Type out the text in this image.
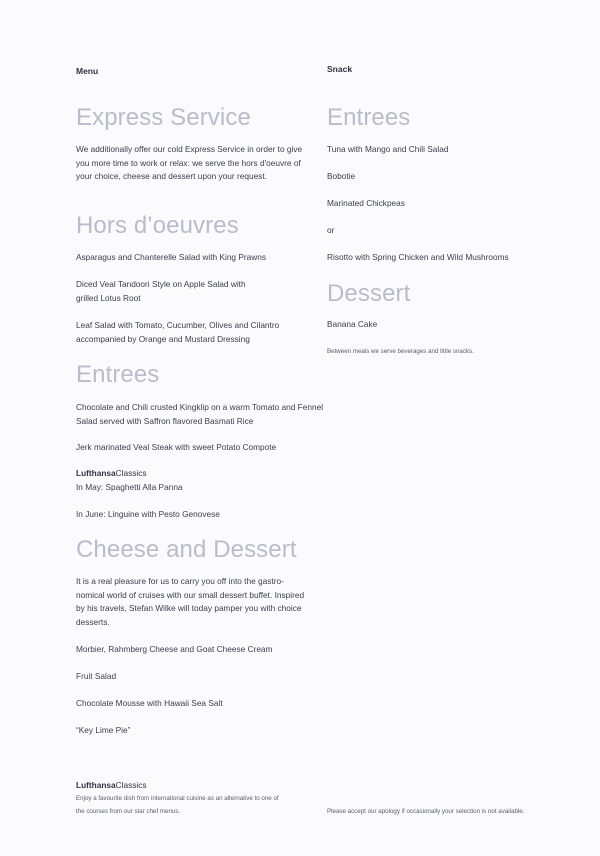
Menu
Express Service

We additionally offer our cold Express Service in order to give you more time to work or relax: we serve the hors d'oeuvre of your choice, cheese and dessert upon your request.

Hors d’oeuvres

Asparagus and Chanterelle Salad with King Prawns

Diced Veal Tandoori Style on Apple Salad with grilled Lotus Root

Leaf Salad with Tomato, Cucumber, Olives and Cilantro accompanied by Orange and Mustard Dressing

Entrees

Chocolate and Chili crusted Kingklip on a warm Tomato and Fennel Salad served with Saffron flavored Basmati Rice

Jerk marinated Veal Steak with sweet Potato Compote

LufthansaClassics

In May: Spaghetti Alla Panna

In June: Linguine with Pesto Genovese

Cheese and Dessert

It is a real pleasure for us to carry you off into the gastro-nomical world of cruises with our small dessert buffet. Inspired by his travels, Stefan Wilke will today pamper you with choice desserts.

Morbier, Rahmberg Cheese and Goat Cheese Cream

Fruit Salad

Chocolate Mousse with Hawaii Sea Salt

“Key Lime Pie”

LufthansaClassics

Enjoy a favourite dish from international cuisine as an alternative to one of the courses from our star chef menus.

Snack
Entrees

Tuna with Mango and Chili Salad

Bobotie

Marinated Chickpeas

or

Risotto with Spring Chicken and Wild Mushrooms

Dessert

Banana Cake

Between meals we serve beverages and little snacks.

Please accept our apology if occasionally your selection is not available.
